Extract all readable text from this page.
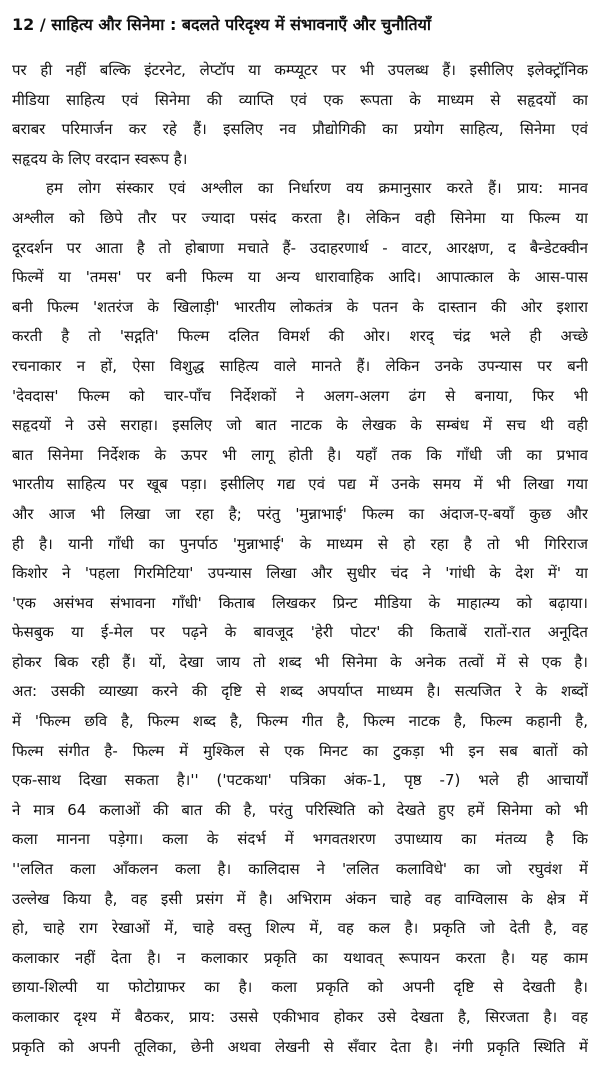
12 / साहित्य और सिनेमा : बदलते परिदृश्य में संभावनाएँ और चुनौतियाँ
पर ही नहीं बल्कि इंटरनेट, लेप्टॉप या कम्प्यूटर पर भी उपलब्ध हैं। इसीलिए इलेक्ट्रॉनिक
मीडिया साहित्य एवं सिनेमा की व्याप्ति एवं एक रूपता के माध्यम से सहृदयों का
बराबर परिमार्जन कर रहे हैं। इसलिए नव प्रौद्योगिकी का प्रयोग साहित्य, सिनेमा एवं
सहृदय के लिए वरदान स्वरूप है।
हम लोग संस्कार एवं अश्लील का निर्धारण वय क्रमानुसार करते हैं। प्राय: मानव
अश्लील को छिपे तौर पर ज्यादा पसंद करता है। लेकिन वही सिनेमा या फिल्म या
दूरदर्शन पर आता है तो होबाणा मचाते हैं- उदाहरणार्थ - वाटर, आरक्षण, द बैन्डेटक्वीन
फिल्में या 'तमस' पर बनी फिल्म या अन्य धारावाहिक आदि। आपात्काल के आस-पास
बनी फिल्म 'शतरंज के खिलाड़ी' भारतीय लोकतंत्र के पतन के दास्तान की ओर इशारा
करती है तो 'सद्गति' फिल्म दलित विमर्श की ओर। शरद् चंद्र भले ही अच्छे
रचनाकार न हों, ऐसा विशुद्ध साहित्य वाले मानते हैं। लेकिन उनके उपन्यास पर बनी
'देवदास' फिल्म को चार-पाँच निर्देशकों ने अलग-अलग ढंग से बनाया, फिर भी
सहृदयों ने उसे सराहा। इसलिए जो बात नाटक के लेखक के सम्बंध में सच थी वही
बात सिनेमा निर्देशक के ऊपर भी लागू होती है। यहाँ तक कि गाँधी जी का प्रभाव
भारतीय साहित्य पर खूब पड़ा। इसीलिए गद्य एवं पद्य में उनके समय में भी लिखा गया
और आज भी लिखा जा रहा है; परंतु 'मुन्नाभाई' फिल्म का अंदाज-ए-बयाँ कुछ और
ही है। यानी गाँधी का पुनर्पाठ 'मुन्नाभाई' के माध्यम से हो रहा है तो भी गिरिराज
किशोर ने 'पहला गिरमिटिया' उपन्यास लिखा और सुधीर चंद ने 'गांधी के देश में' या
'एक असंभव संभावना गाँधी' किताब लिखकर प्रिन्ट मीडिया के माहात्म्य को बढ़ाया।
फेसबुक या ई-मेल पर पढ़ने के बावजूद 'हेरी पोटर' की किताबें रातों-रात अनूदित
होकर बिक रही हैं। यों, देखा जाय तो शब्द भी सिनेमा के अनेक तत्वों में से एक है।
अत: उसकी व्याख्या करने की दृष्टि से शब्द अपर्याप्त माध्यम है। सत्यजित रे के शब्दों
में 'फिल्म छवि है, फिल्म शब्द है, फिल्म गीत है, फिल्म नाटक है, फिल्म कहानी है,
फिल्म संगीत है- फिल्म में मुश्किल से एक मिनट का टुकड़ा भी इन सब बातों को
एक-साथ दिखा सकता है।'' ('पटकथा' पत्रिका अंक-1, पृष्ठ -7) भले ही आचार्यों
ने मात्र 64 कलाओं की बात की है, परंतु परिस्थिति को देखते हुए हमें सिनेमा को भी
कला मानना पड़ेगा। कला के संदर्भ में भगवतशरण उपाध्याय का मंतव्य है कि
''ललित कला आँकलन कला है। कालिदास ने 'ललित कलाविधे' का जो रघुवंश में
उल्लेख किया है, वह इसी प्रसंग में है। अभिराम अंकन चाहे वह वाग्विलास के क्षेत्र में
हो, चाहे राग रेखाओं में, चाहे वस्तु शिल्प में, वह कल है। प्रकृति जो देती है, वह
कलाकार नहीं देता है। न कलाकार प्रकृति का यथावत् रूपायन करता है। यह काम
छाया-शिल्पी या फोटोग्राफर का है। कला प्रकृति को अपनी दृष्टि से देखती है।
कलाकार दृश्य में बैठकर, प्राय: उससे एकीभाव होकर उसे देखता है, सिरजता है। वह
प्रकृति को अपनी तूलिका, छेनी अथवा लेखनी से सँवार देता है। नंगी प्रकृति स्थिति में
